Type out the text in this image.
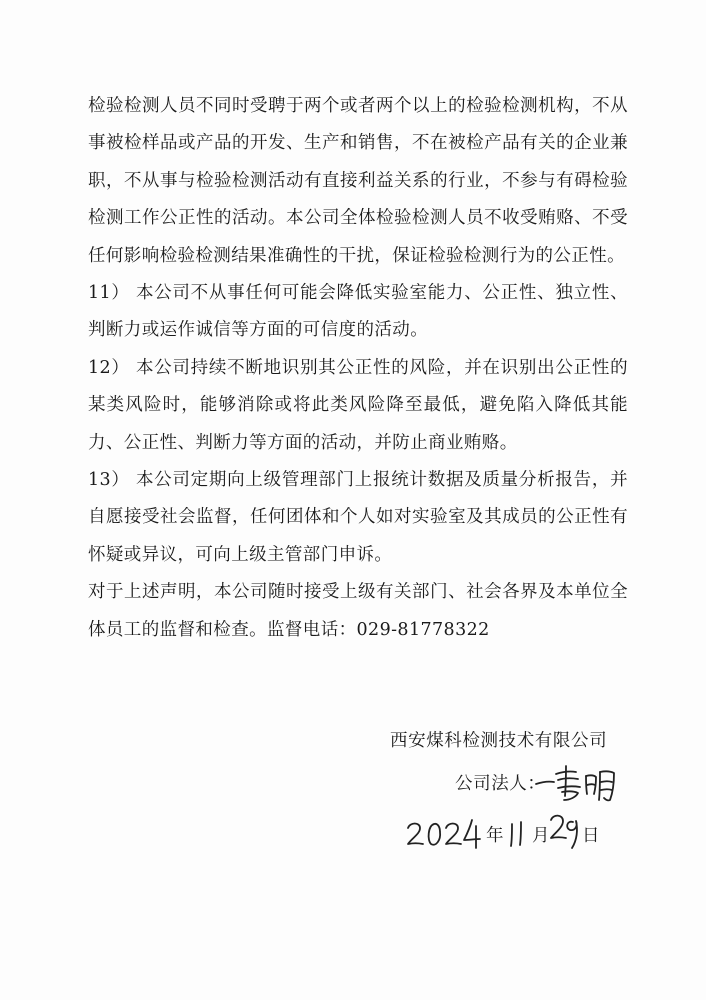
检验检测人员不同时受聘于两个或者两个以上的检验检测机构，不从事被检样品或产品的开发、生产和销售，不在被检产品有关的企业兼职，不从事与检验检测活动有直接利益关系的行业，不参与有碍检验检测工作公正性的活动。本公司全体检验检测人员不收受贿赂、不受任何影响检验检测结果准确性的干扰，保证检验检测行为的公正性。

11） 本公司不从事任何可能会降低实验室能力、公正性、独立性、判断力或运作诚信等方面的可信度的活动。

12） 本公司持续不断地识别其公正性的风险，并在识别出公正性的某类风险时，能够消除或将此类风险降至最低，避免陷入降低其能力、公正性、判断力等方面的活动，并防止商业贿赂。

13） 本公司定期向上级管理部门上报统计数据及质量分析报告，并自愿接受社会监督，任何团体和个人如对实验室及其成员的公正性有怀疑或异议，可向上级主管部门申诉。

对于上述声明，本公司随时接受上级有关部门、社会各界及本单位全体员工的监督和检查。监督电话：029-81778322

西安煤科检测技术有限公司
公司法人：
年 月 日
